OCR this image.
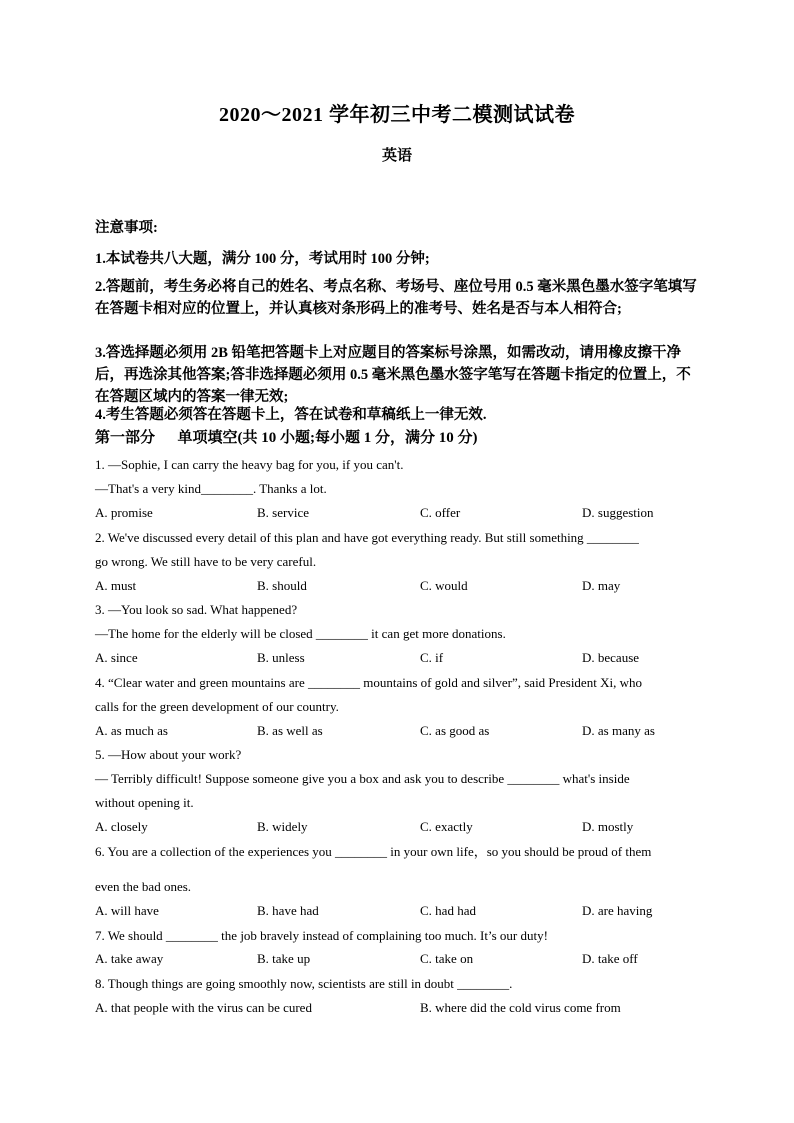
2020～2021 学年初三中考二模测试试卷
英语
注意事项:
1.本试卷共八大题，满分 100 分，考试用时 100 分钟;
2.答题前，考生务必将自己的姓名、考点名称、考场号、座位号用 0.5 毫米黑色墨水签字笔填写在答题卡相对应的位置上，并认真核对条形码上的准考号、姓名是否与本人相符合;
3.答选择题必须用 2B 铅笔把答题卡上对应题目的答案标号涂黑，如需改动，请用橡皮擦干净后，再选涂其他答案;答非选择题必须用 0.5 毫米黑色墨水签字笔写在答题卡指定的位置上，不在答题区域内的答案一律无效;
4.考生答题必须答在答题卡上，答在试卷和草稿纸上一律无效.
第一部分      单项填空(共 10 小题;每小题 1 分，满分 10 分)
1. —Sophie, I can carry the heavy bag for you, if you can't.
—That's a very kind________. Thanks a lot.
A. promise	B. service	C. offer	D. suggestion
2. We've discussed every detail of this plan and have got everything ready. But still something ________
go wrong. We still have to be very careful.
A. must	B. should	C. would	D. may
3. —You look so sad. What happened?
—The home for the elderly will be closed ________ it can get more donations.
A. since	B. unless	C. if	D. because
4. “Clear water and green mountains are ________ mountains of gold and silver”, said President Xi, who
calls for the green development of our country.
A. as much as	B. as well as	C. as good as	D. as many as
5. —How about your work?
— Terribly difficult! Suppose someone give you a box and ask you to describe ________ what's inside
without opening it.
A. closely	B. widely	C. exactly	D. mostly
6. You are a collection of the experiences you ________ in your own life，so you should be proud of them
even the bad ones.
A. will have	B. have had	C. had had	D. are having
7. We should ________ the job bravely instead of complaining too much. It’s our duty!
A. take away	B. take up	C. take on	D. take off
8. Though things are going smoothly now, scientists are still in doubt ________.
A. that people with the virus can be cured	B. where did the cold virus come from
